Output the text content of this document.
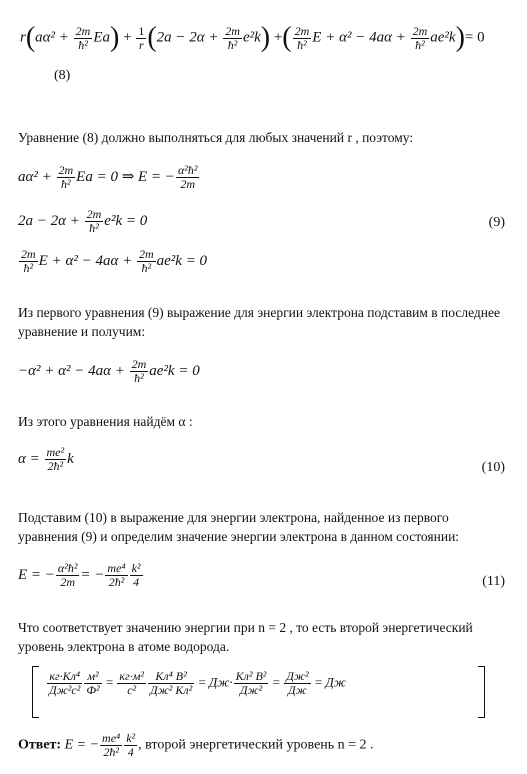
$r(a\alpha^2 + \frac{2m}{\text{ħ²}} Ea) + \frac{1}{r} (2a - 2\alpha + \frac{2m}{\text{ħ²}} e^2k)$ +( $\frac{2m}{\text{ħ²}}$ $E + \alpha^2 - 4a\alpha + \frac{2m}{\text{ħ²}} ae^2k)= 0$
(8)
Уравнение (8) должно выполняться для любых значений r , поэтому:
$a\alpha^2 + \frac{2m}{\text{ħ²}}$ Ea = 0 ⇒ E = − $\frac{\text{α²ħ²}}{2m}$
$2a - 2\alpha + \frac{2m}{\text{ħ²}} e^2k = 0$	(9)
$\frac{2m}{\text{ħ²}}$ $E + \alpha^2 - 4a\alpha + \frac{2m}{\text{ħ²}} ae^2k = 0$
Из первого уравнения (9) выражение для энергии электрона подставим в последнее уравнение и получим:
$-\alpha^2 + \alpha^2 - 4a\alpha + \frac{2m}{\text{ħ²}} ae^2k = 0$
Из этого уравнения найдём α :
$\alpha = \frac{\text{me²}}{\text{2ħ²}}$ k
(10)
Подставим (10) в выражение для энергии электрона, найденное из первого уравнения (9) и определим значение энергии электрона в данном состоянии:
E = − $\frac{\text{α²ħ²}}{2m}$ = − $\frac{\text{me⁴}}{\text{2ħ²}} \frac{\text{k²}}{4}$	(11)
Что соответствует значению энергии при n = 2 , то есть второй энергетический уровень электрона в атоме водорода.
$\frac{\text{кг·Кл⁴}}{\text{Дж²с²}} \frac{\text{м²}}{\text{Ф²}} = \frac{\text{кг·м²}}{\text{с²}} \frac{\text{Кл⁴ В²}}{\text{Дж² Кл²}} = Дж\cdot \frac{\text{Кл² В²}}{\text{Дж²}} = \frac{\text{Дж²}}{Дж}$ = Дж
Ответ: E = − $\frac{\text{me⁴}}{\text{2ħ²}} \frac{\text{k²}}{4}$ , второй энергетический уровень n = 2 .
